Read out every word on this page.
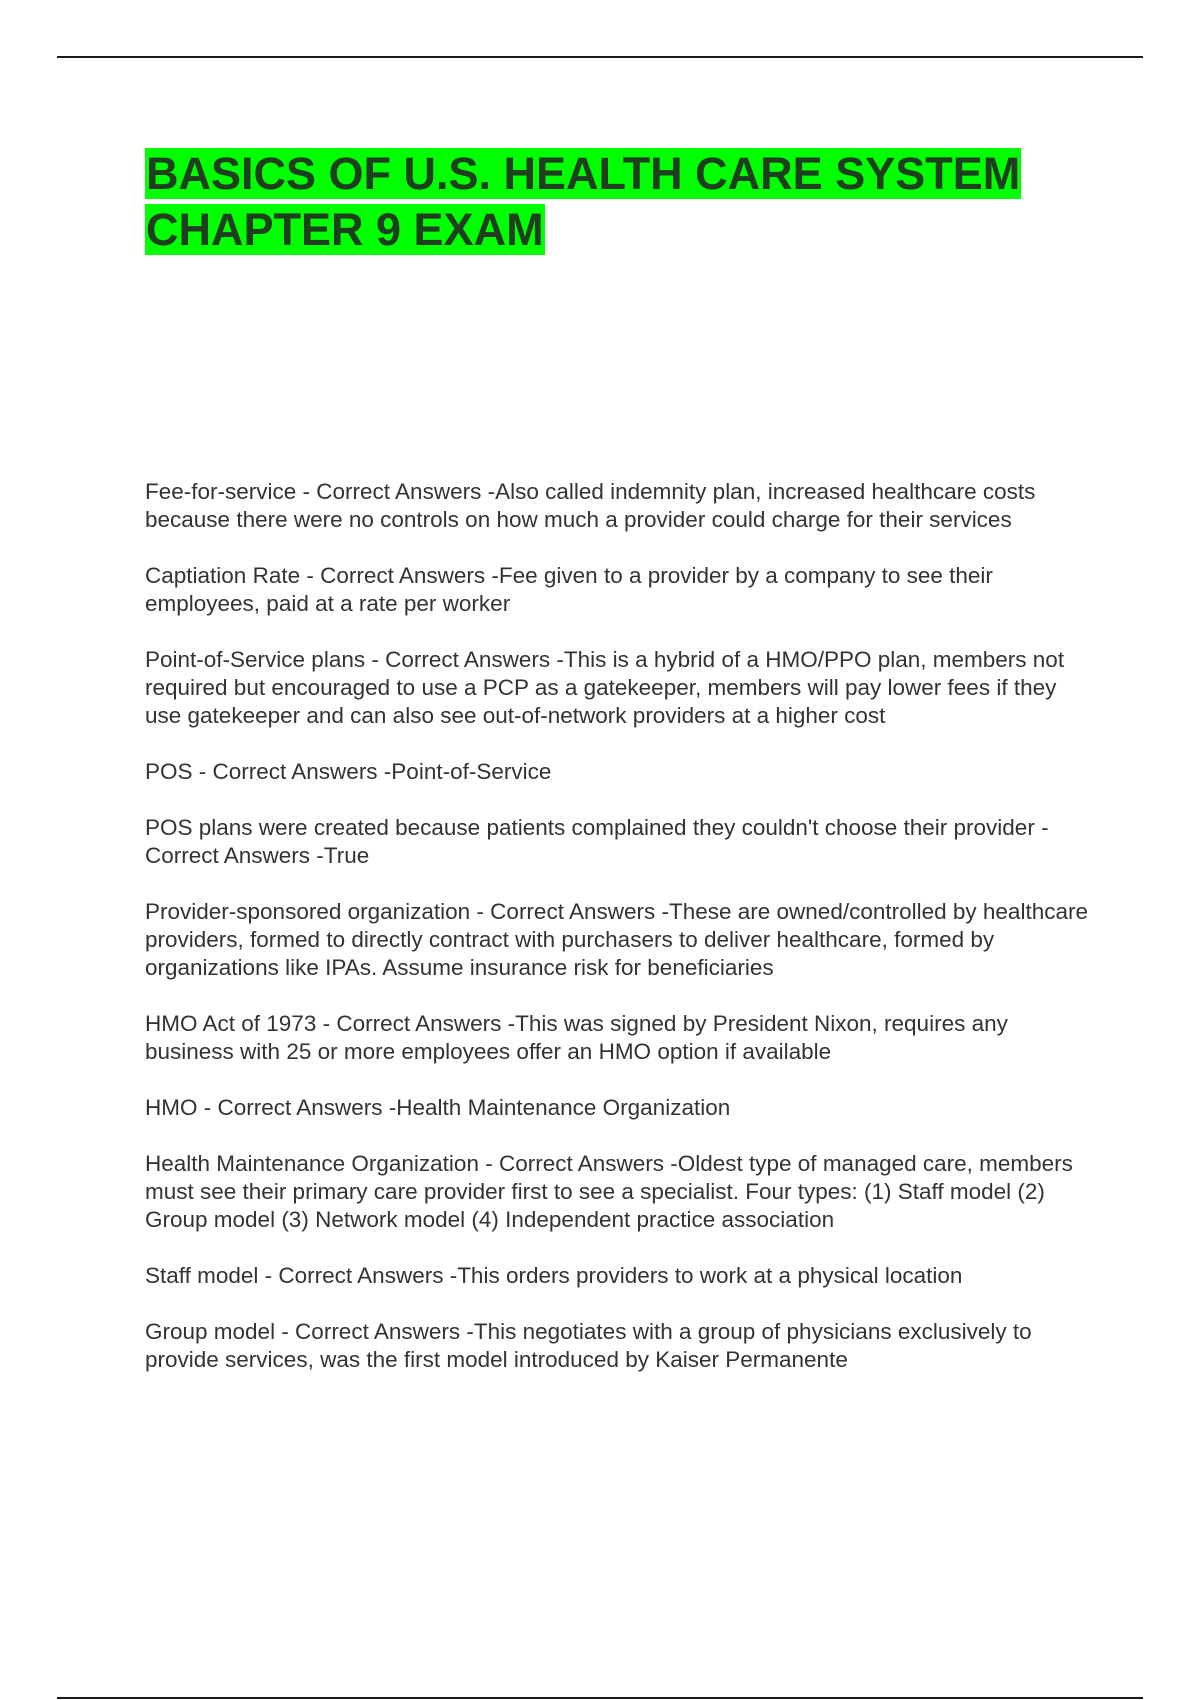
BASICS OF U.S. HEALTH CARE SYSTEM
CHAPTER 9 EXAM

Fee-for-service - Correct Answers -Also called indemnity plan, increased healthcare costs because there were no controls on how much a provider could charge for their services

Captiation Rate - Correct Answers -Fee given to a provider by a company to see their employees, paid at a rate per worker

Point-of-Service plans - Correct Answers -This is a hybrid of a HMO/PPO plan, members not required but encouraged to use a PCP as a gatekeeper, members will pay lower fees if they use gatekeeper and can also see out-of-network providers at a higher cost

POS - Correct Answers -Point-of-Service

POS plans were created because patients complained they couldn't choose their provider - Correct Answers -True

Provider-sponsored organization - Correct Answers -These are owned/controlled by healthcare providers, formed to directly contract with purchasers to deliver healthcare, formed by organizations like IPAs. Assume insurance risk for beneficiaries

HMO Act of 1973 - Correct Answers -This was signed by President Nixon, requires any business with 25 or more employees offer an HMO option if available

HMO - Correct Answers -Health Maintenance Organization

Health Maintenance Organization - Correct Answers -Oldest type of managed care, members must see their primary care provider first to see a specialist. Four types: (1) Staff model (2) Group model (3) Network model (4) Independent practice association

Staff model - Correct Answers -This orders providers to work at a physical location

Group model - Correct Answers -This negotiates with a group of physicians exclusively to provide services, was the first model introduced by Kaiser Permanente
